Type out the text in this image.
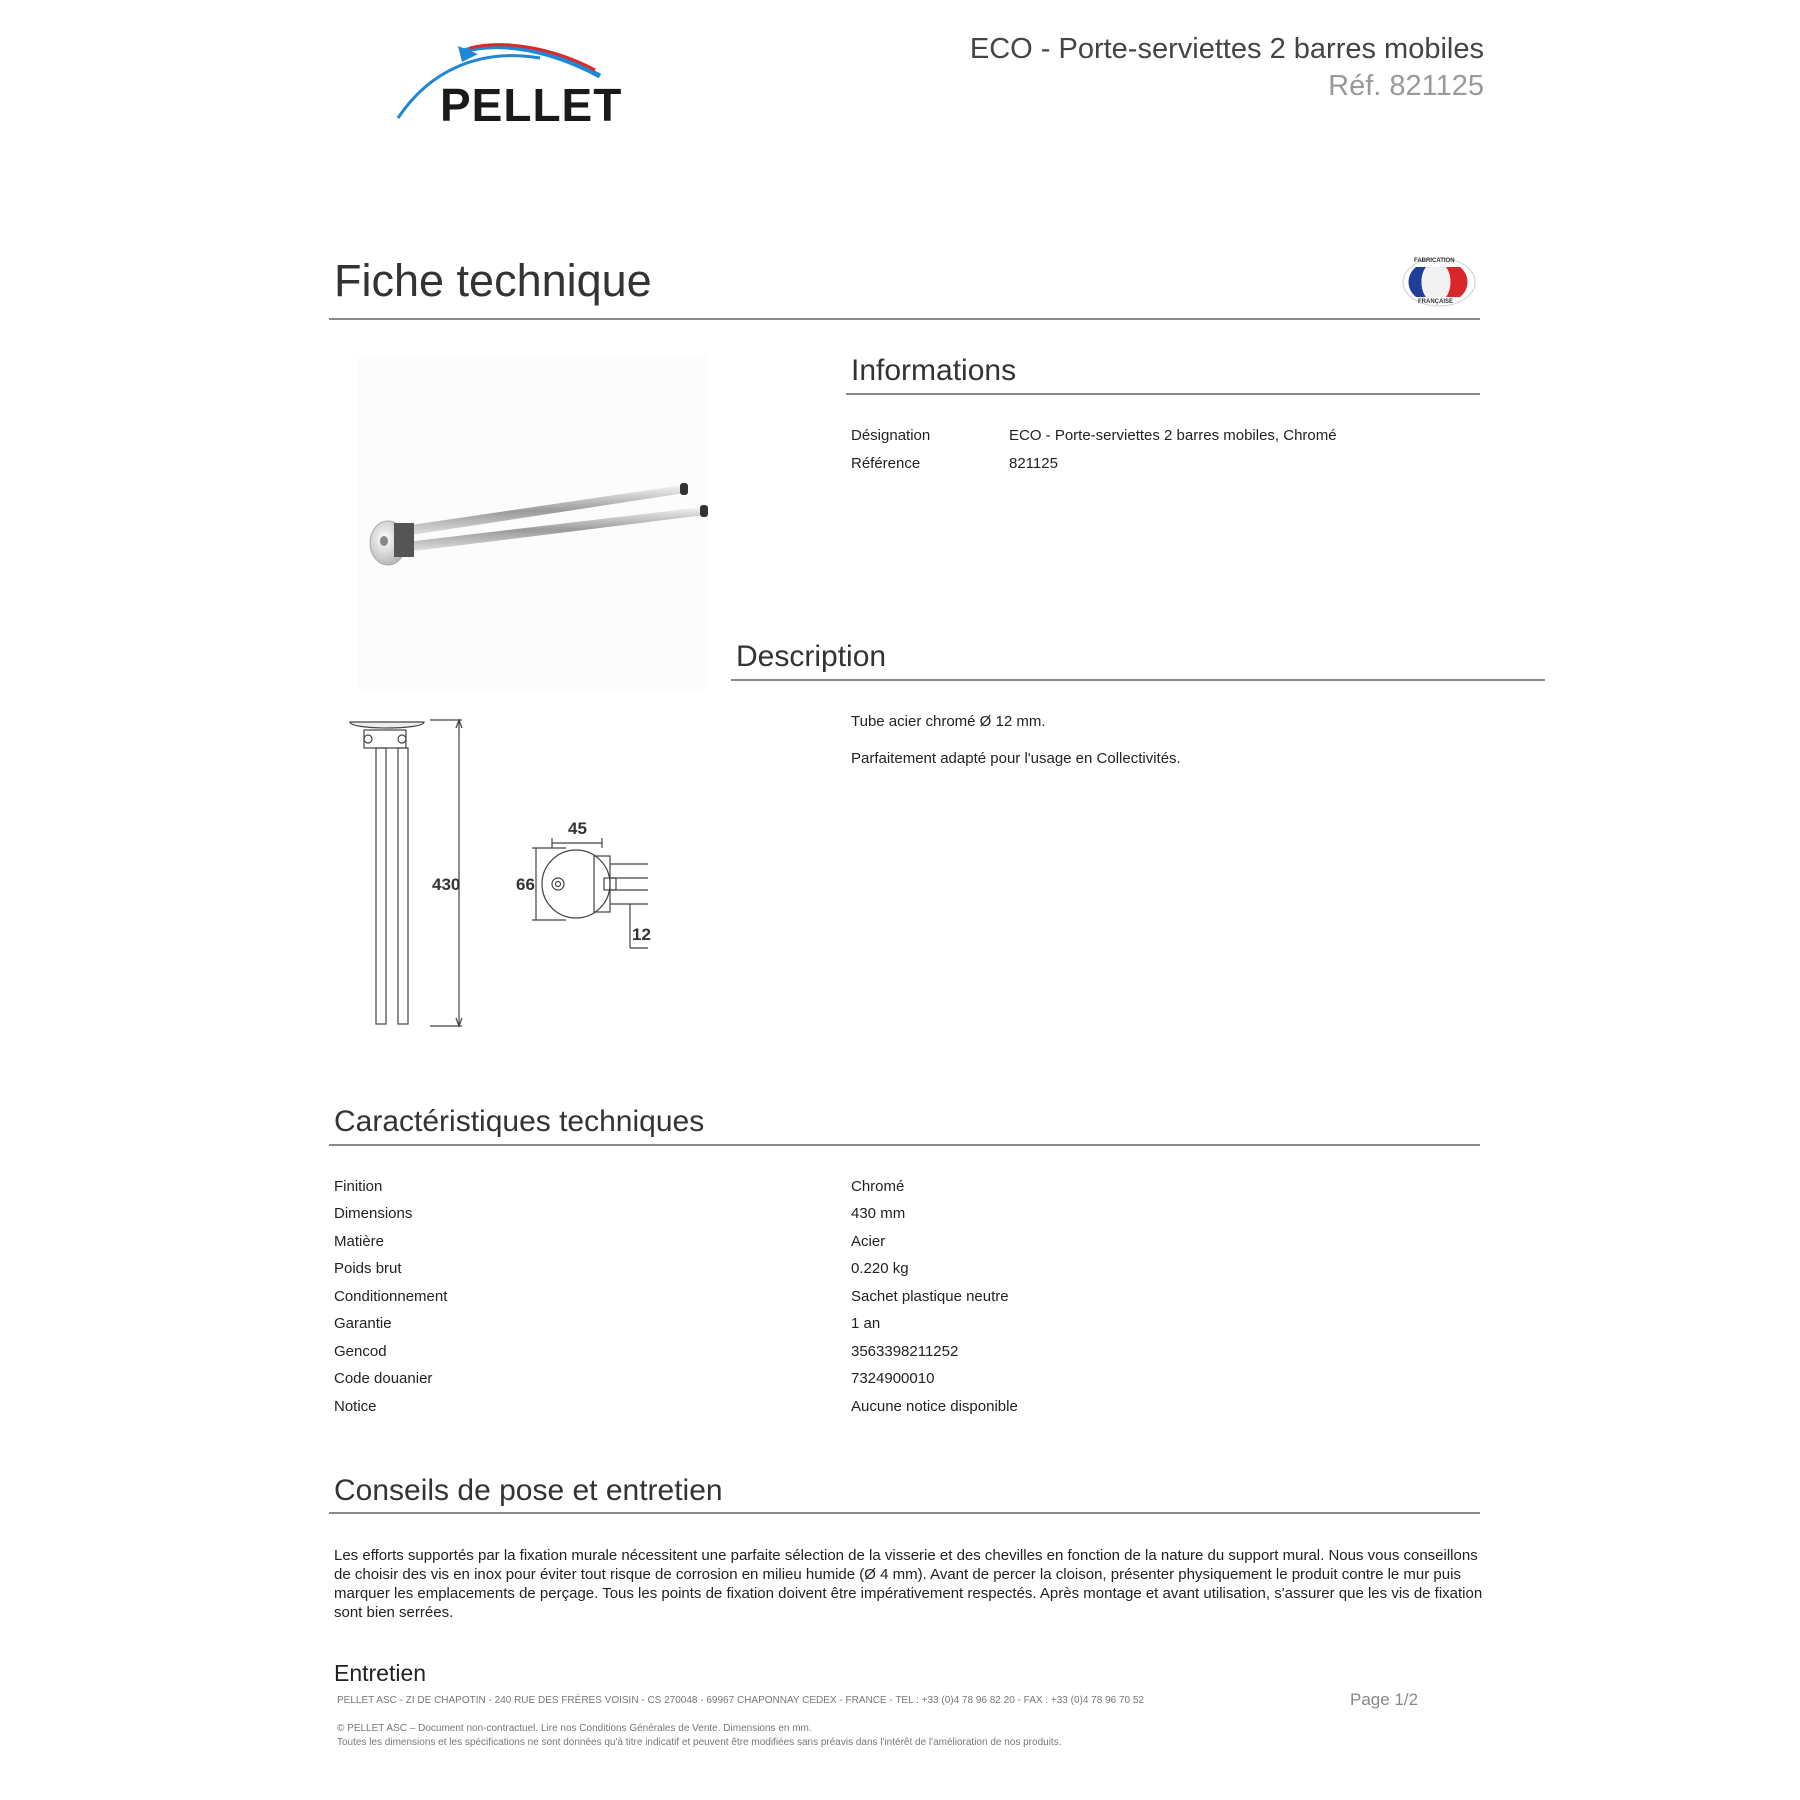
PELLET
ECO - Porte-serviettes 2 barres mobiles
Réf. 821125
Fiche technique	FABRICATION
FRANÇAISE
430
45
66
12
Informations
Désignation	ECO - Porte-serviettes 2 barres mobiles, Chromé
Référence	821125
Description
Tube acier chromé Ø 12 mm.
Parfaitement adapté pour l'usage en Collectivités.
Caractéristiques techniques
Finition	Chromé
Dimensions	430 mm
Matière	Acier
Poids brut	0.220 kg
Conditionnement	Sachet plastique neutre
Garantie	1 an
Gencod	3563398211252
Code douanier	7324900010
Notice	Aucune notice disponible
Conseils de pose et entretien
Les efforts supportés par la fixation murale nécessitent une parfaite sélection de la visserie et des chevilles en fonction de la nature du support mural. Nous vous conseillons de choisir des vis en inox pour éviter tout risque de corrosion en milieu humide (Ø 4 mm). Avant de percer la cloison, présenter physiquement le produit contre le mur puis marquer les emplacements de perçage. Tous les points de fixation doivent être impérativement respectés. Après montage et avant utilisation, s'assurer que les vis de fixation sont bien serrées.
Entretien
PELLET ASC - ZI DE CHAPOTIN - 240 RUE DES FRÈRES VOISIN - CS 270048 - 69967 CHAPONNAY CEDEX - FRANCE - TEL : +33 (0)4 78 96 82 20 - FAX : +33 (0)4 78 96 70 52	Page 1/2
© PELLET ASC – Document non-contractuel. Lire nos Conditions Générales de Vente. Dimensions en mm.
Toutes les dimensions et les spécifications ne sont données qu'à titre indicatif et peuvent être modifiées sans préavis dans l'intérêt de l'amélioration de nos produits.
